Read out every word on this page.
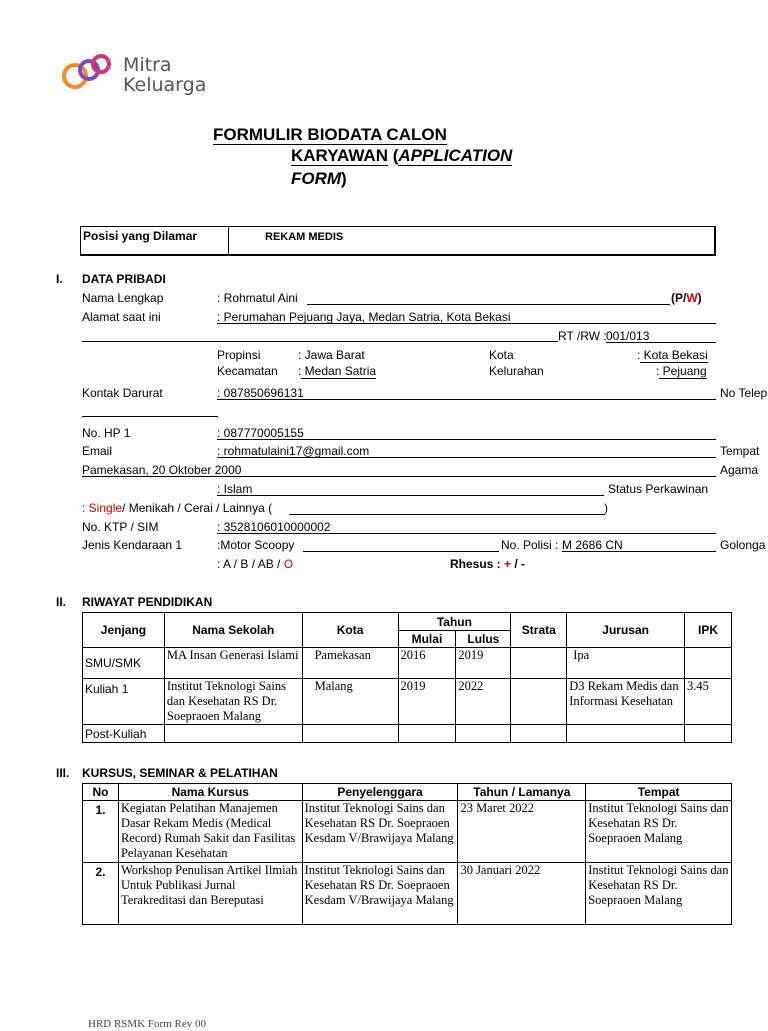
Mitra
Keluarga
FORMULIR BIODATA CALON
KARYAWAN (APPLICATION
FORM)
Posisi yang Dilamar	REKAM MEDIS
I. DATA PRIBADI
Nama Lengkap	: Rohmatul Aini	(P/W)
Alamat saat ini	: Perumahan Pejuang Jaya, Medan Satria, Kota Bekasi
RT /RW : 001/013
Propinsi	: Jawa Barat	Kota	: Kota Bekasi
Kecamatan : Medan Satria	Kelurahan	: Pejuang
Kontak Darurat	: 087850696131	No Telep
No. HP 1	: 087770005155
Email	: rohmatulaini17@gmail.com	Tempat
Pamekasan, 20 Oktober 2000	Agama
: Islam	Status Perkawinan
: Single/ Menikah / Cerai / Lainnya (	)
No. KTP / SIM	: 3528106010000002
Jenis Kendaraan 1	:Motor Scoopy	No. Polisi : M 2686 CN	Golonga
: A / B / AB / O	Rhesus : + / -
II. RIWAYAT PENDIDIKAN
Jenjang	Nama Sekolah	Kota	Tahun		Strata	Jurusan	IPK
			Mulai	Lulus			
SMU/SMK	MA Insan Generasi Islami	Pamekasan	2016	2019		Ipa	
Kuliah 1	Institut Teknologi Sains dan Kesehatan RS Dr. Soepraoen Malang	Malang	2019	2022		D3 Rekam Medis dan Informasi Kesehatan	3.45
Post-Kuliah							
III. KURSUS, SEMINAR & PELATIHAN
No	Nama Kursus	Penyelenggara	Tahun / Lamanya	Tempat
1.	Kegiatan Pelatihan Manajemen Dasar Rekam Medis (Medical Record) Rumah Sakit dan Fasilitas Pelayanan Kesehatan	Institut Teknologi Sains dan Kesehatan RS Dr. Soepraoen Kesdam V/Brawijaya Malang	23 Maret 2022	Institut Teknologi Sains dan Kesehatan RS Dr. Soepraoen Malang
2.	Workshop Penulisan Artikel Ilmiah Untuk Publikasi Jurnal Terakreditasi dan Bereputasi	Institut Teknologi Sains dan Kesehatan RS Dr. Soepraoen Kesdam V/Brawijaya Malang	30 Januari 2022	Institut Teknologi Sains dan Kesehatan RS Dr. Soepraoen Malang
HRD RSMK Form Rev 00
